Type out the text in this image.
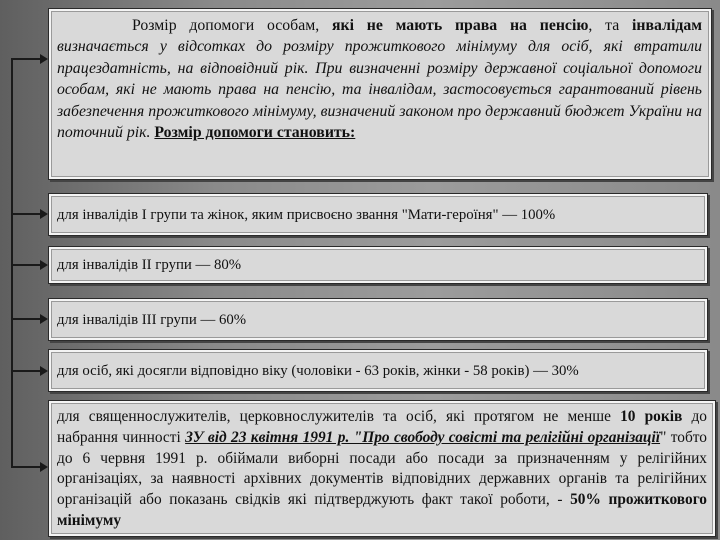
Розмір допомоги особам, які не мають права на пенсію, та інвалідам визначається у відсотках до розміру прожиткового мінімуму для осіб, які втратили працездатність, на відповідний рік. При визначенні розміру державної соціальної допомоги особам, які не мають права на пенсію, та інвалідам, застосовується гарантований рівень забезпечення прожиткового мінімуму, визначений законом про державний бюджет України на поточний рік. Розмір допомоги становить:
для інвалідів І групи та жінок, яким присвоєно звання "Мати-героїня" — 100%
для інвалідів ІІ групи — 80%
для інвалідів ІІІ групи — 60%
для осіб, які досягли відповідно віку (чоловіки - 63 років, жінки - 58 років) — 30%
для священнослужителів, церковнослужителів та осіб, які протягом не менше 10 років до набрання чинності ЗУ від 23 квітня 1991 р. "Про свободу совісті та релігійні організації" тобто до 6 червня 1991 р. обіймали виборні посади або посади за призначенням у релігійних організаціях, за наявності архівних документів відповідних державних органів та релігійних організацій або показань свідків які підтверджують факт такої роботи, - 50% прожиткового мінімуму
